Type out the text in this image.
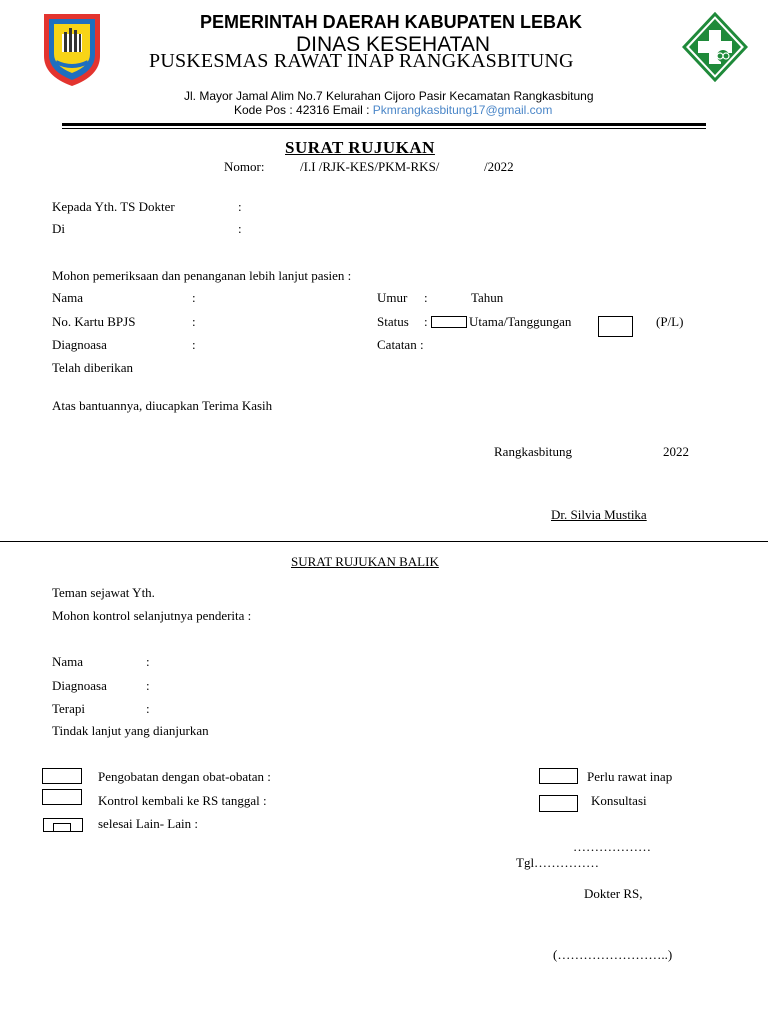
PEMERINTAH DAERAH KABUPATEN LEBAK
DINAS KESEHATAN
PUSKESMAS RAWAT INAP RANGKASBITUNG
Jl. Mayor Jamal Alim No.7 Kelurahan Cijoro Pasir Kecamatan Rangkasbitung
Kode Pos : 42316 Email : Pkmrangkasbitung17@gmail.com
SURAT RUJUKAN
Nomor:	/I.I /RJK-KES/PKM-RKS/	/2022
Kepada Yth. TS Dokter	:
Di	:
Mohon pemeriksaan dan penanganan lebih lanjut pasien :
Nama	:
No. Kartu BPJS	:
Diagnoasa	:
Umur :	Tahun
Status :	Utama/Tanggungan	(P/L)
Catatan :
Telah diberikan
Atas bantuannya, diucapkan Terima Kasih
Rangkasbitung	2022
Dr. Silvia Mustika
SURAT RUJUKAN BALIK
Teman sejawat Yth.
Mohon kontrol selanjutnya penderita :
Nama	:
Diagnoasa	:
Terapi	:
Tindak lanjut yang dianjurkan
Pengobatan dengan obat-obatan :
Kontrol kembali ke RS tanggal :
selesai Lain- Lain :
Perlu rawat inap
Konsultasi
………………
Tgl……………
Dokter RS,
(……………………..)
